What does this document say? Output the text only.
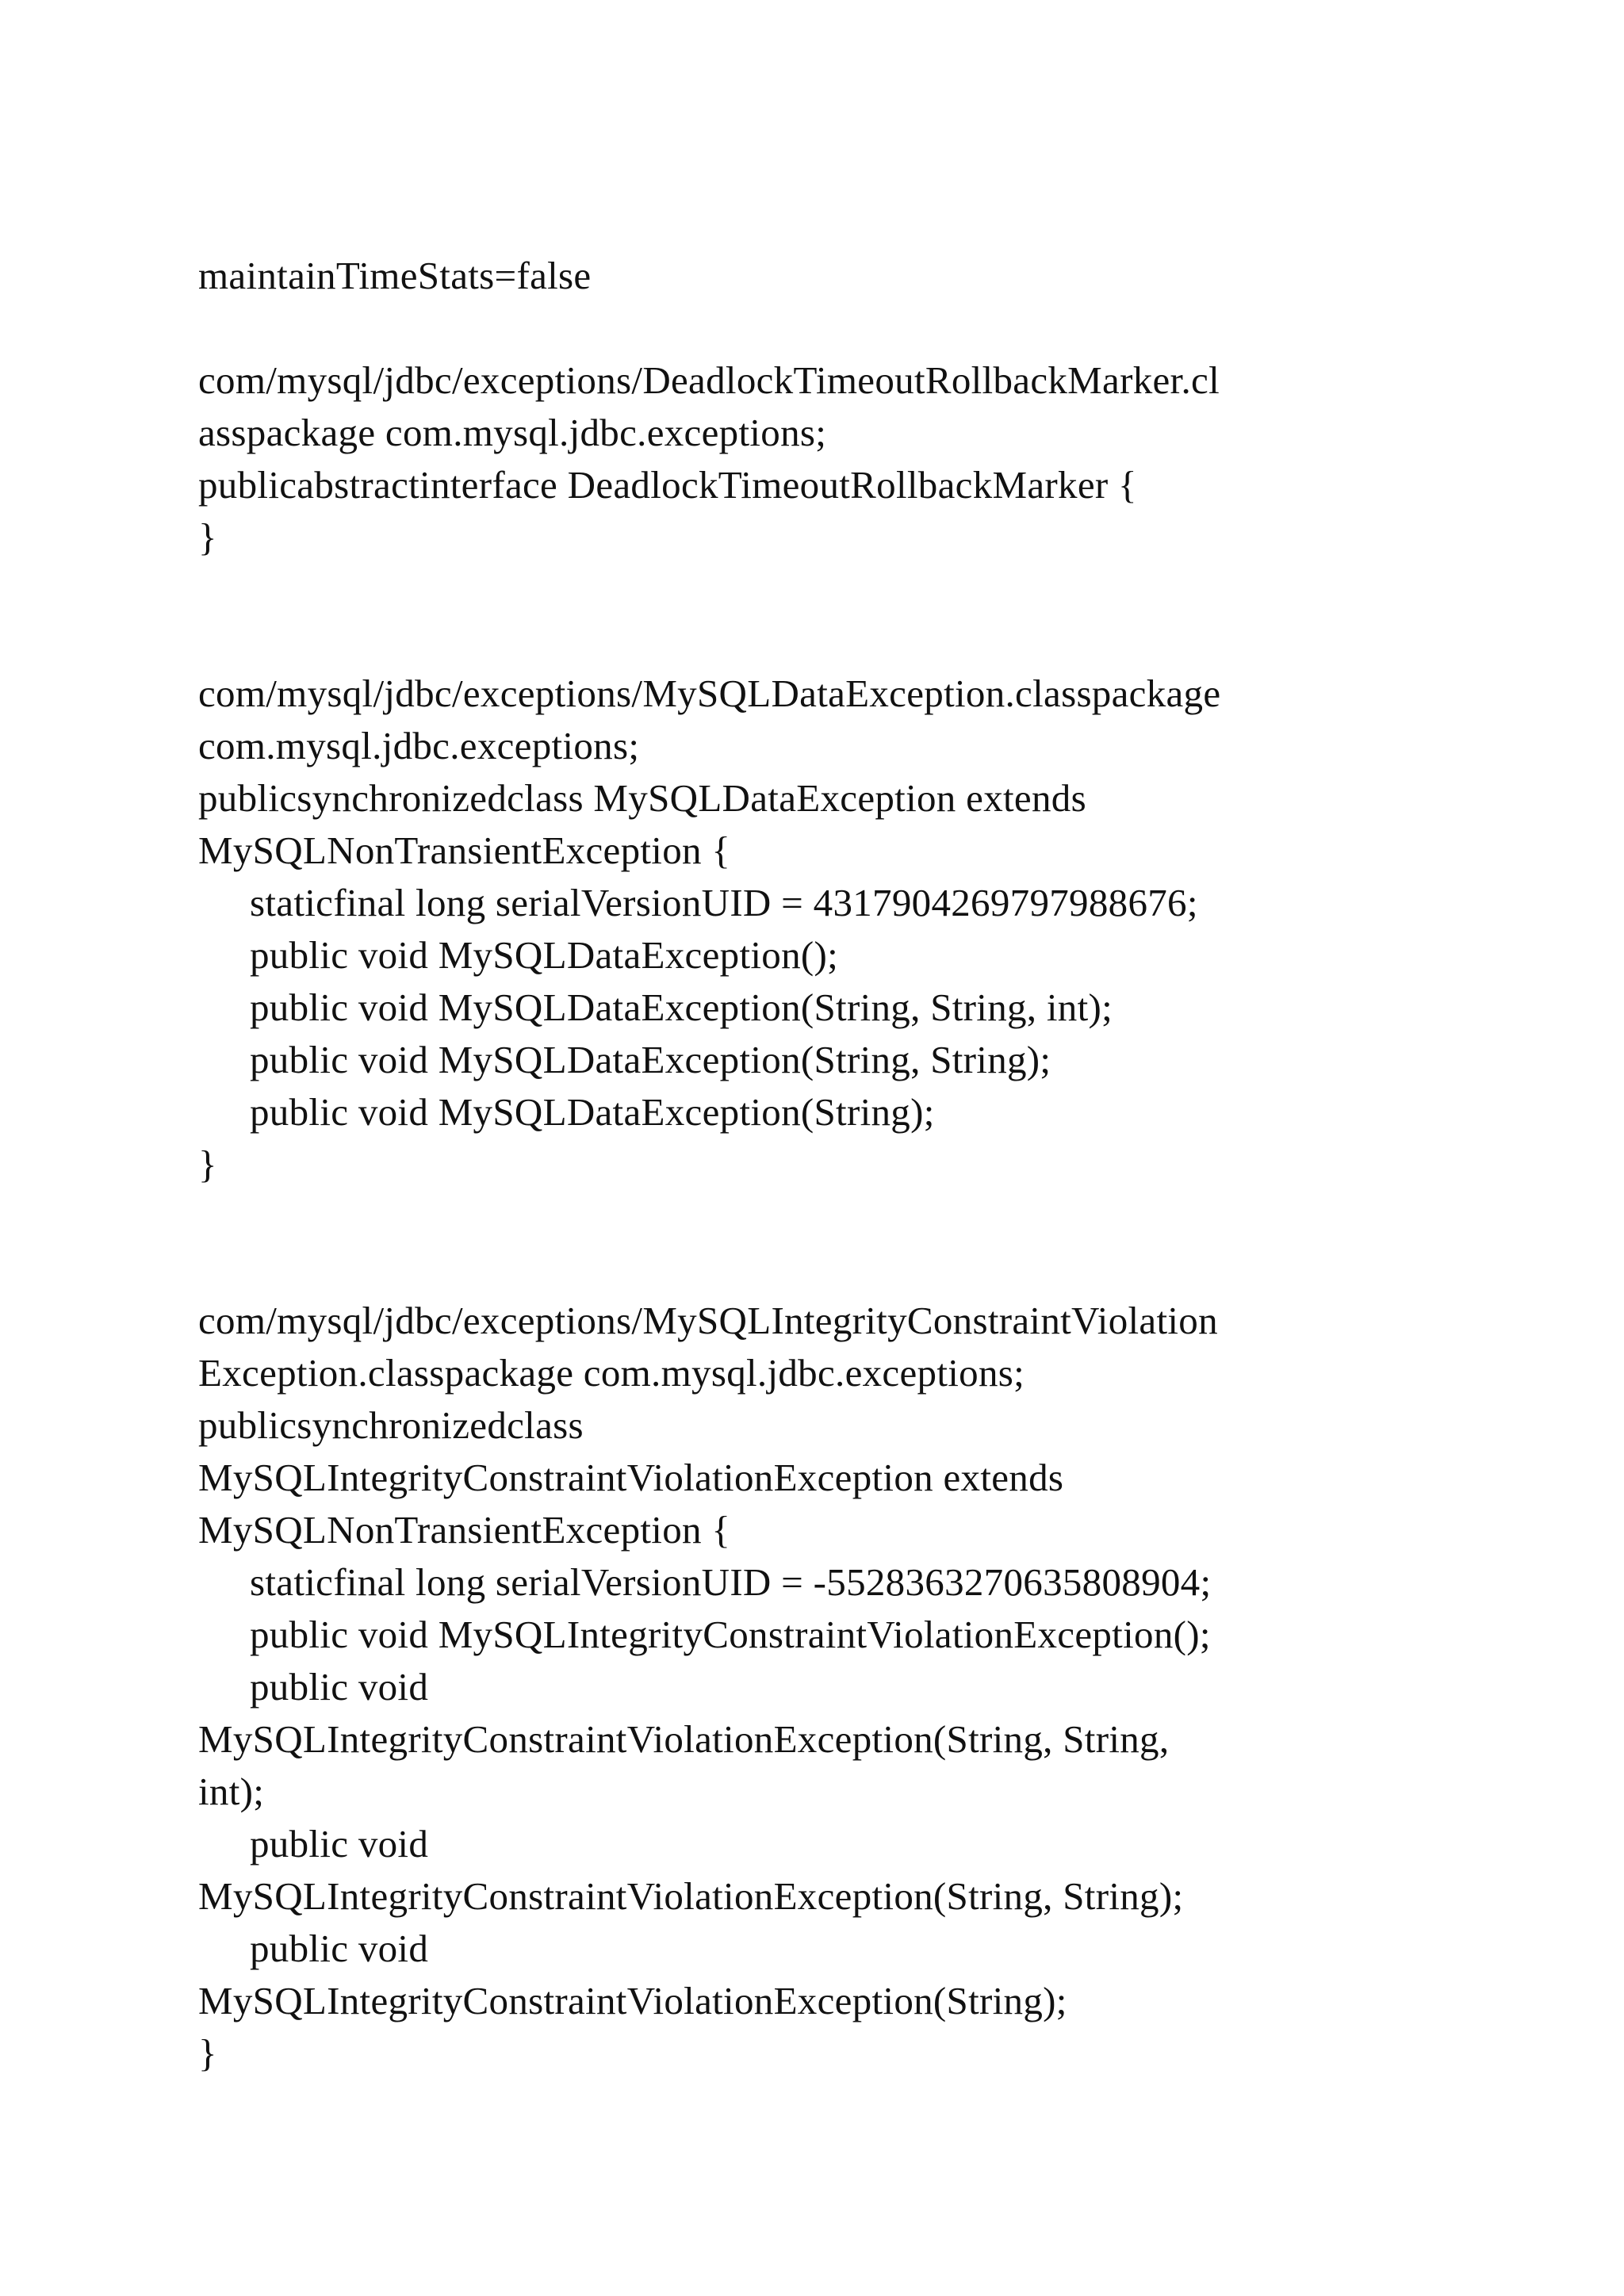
maintainTimeStats=false
com/mysql/jdbc/exceptions/DeadlockTimeoutRollbackMarker.cl
asspackage com.mysql.jdbc.exceptions;
publicabstractinterface DeadlockTimeoutRollbackMarker {
}
com/mysql/jdbc/exceptions/MySQLDataException.classpackage
com.mysql.jdbc.exceptions;
publicsynchronizedclass MySQLDataException extends
MySQLNonTransientException {
staticfinal long serialVersionUID = 4317904269797988676;
public void MySQLDataException();
public void MySQLDataException(String, String, int);
public void MySQLDataException(String, String);
public void MySQLDataException(String);
}
com/mysql/jdbc/exceptions/MySQLIntegrityConstraintViolation
Exception.classpackage com.mysql.jdbc.exceptions;
publicsynchronizedclass
MySQLIntegrityConstraintViolationException extends
MySQLNonTransientException {
staticfinal long serialVersionUID = -5528363270635808904;
public void MySQLIntegrityConstraintViolationException();
public void
MySQLIntegrityConstraintViolationException(String, String,
int);
public void
MySQLIntegrityConstraintViolationException(String, String);
public void
MySQLIntegrityConstraintViolationException(String);
}
